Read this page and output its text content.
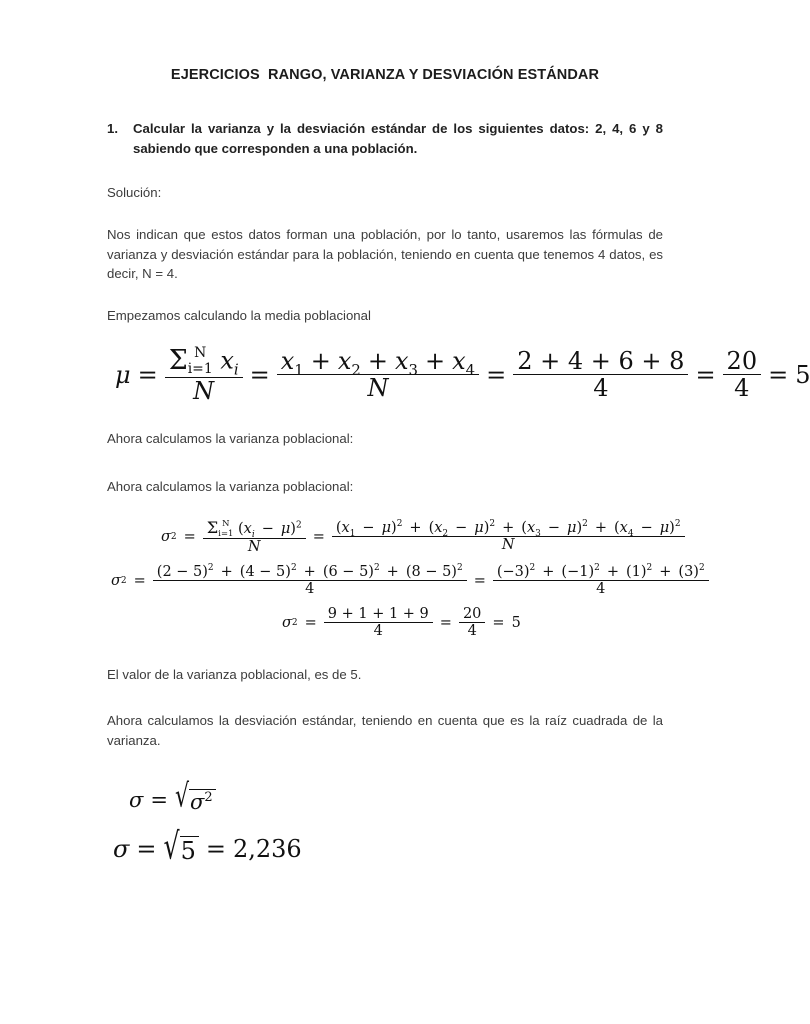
EJERCICIOS  RANGO, VARIANZA Y DESVIACIÓN ESTÁNDAR
1.	Calcular la varianza y la desviación estándar de los siguientes datos: 2, 4, 6 y 8 sabiendo que corresponden a una población.
Solución:
Nos indican que estos datos forman una población, por lo tanto, usaremos las fórmulas de varianza y desviación estándar para la población, teniendo en cuenta que tenemos 4 datos, es decir, N = 4.
Empezamos calculando la media poblacional
μ = Σ N
i=1 $x_i$
N
= $\frac{x_1 + x_2 + x_3 + x_4}{N} = \frac{2 + 4 + 6 + 8}{4} = \frac{20}{4} = 5$
Ahora calculamos la varianza poblacional:
Ahora calculamos la varianza poblacional:
σ 2 = Σ N
i=1 $(x_i - \mu)^2$
N
= $\frac{(x_1 - \mu)^2 + (x_2 - \mu)^2 + (x_3 - \mu)^2 + (x_4 - \mu)^2}{N}$
σ $2 = \frac{(2 - 5)^2 + (4 - 5)^2 + (6 - 5)^2 + (8 - 5)^2}{4} = \frac{(-3)^2 + (-1)^2 + (1)^2 + (3)^2}{4}$
σ $2 = \frac{9 + 1 + 1 + 9}{4} = \frac{20}{4} = 5$
El valor de la varianza poblacional, es de 5.
Ahora calculamos la desviación estándar, teniendo en cuenta que es la raíz cuadrada de la varianza.
σ = √ $\sigma^2$
σ = √ 5 = 2,236
